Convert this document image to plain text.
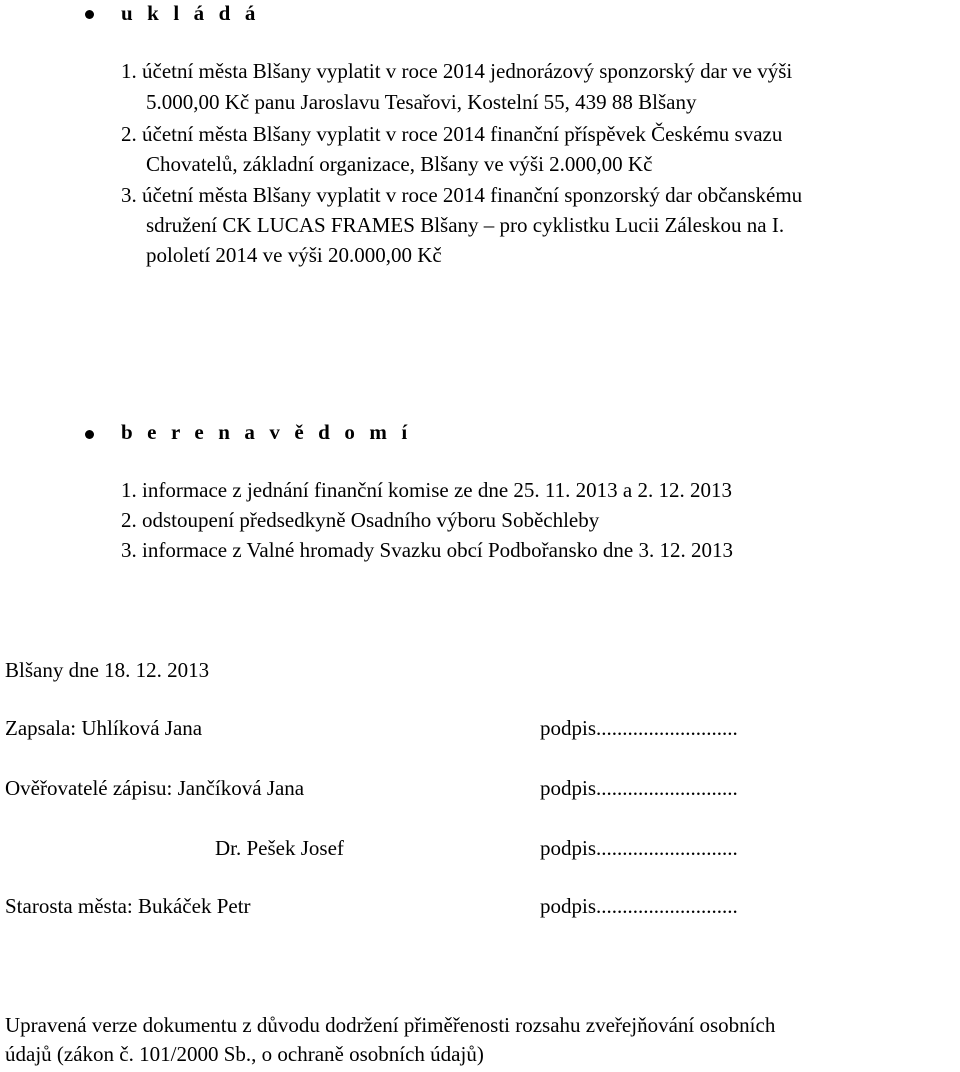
u k l á d á
1. účetní města Blšany vyplatit v roce 2014 jednorázový sponzorský dar ve výši
5.000,00 Kč panu Jaroslavu Tesařovi, Kostelní 55, 439 88 Blšany
2. účetní města Blšany vyplatit v roce 2014 finanční příspěvek Českému svazu
Chovatelů, základní organizace, Blšany ve výši 2.000,00 Kč
3. účetní města Blšany vyplatit v roce 2014 finanční sponzorský dar občanskému
sdružení CK LUCAS FRAMES Blšany – pro cyklistku Lucii Záleskou na I.
pololetí 2014 ve výši 20.000,00 Kč
b e r e n a v ě d o m í
1. informace z jednání finanční komise ze dne 25. 11. 2013 a 2. 12. 2013
2. odstoupení předsedkyně Osadního výboru Soběchleby
3. informace z Valné hromady Svazku obcí Podbořansko dne 3. 12. 2013
Blšany dne 18. 12. 2013
Zapsala: Uhlíková Jana	podpis...........................
Ověřovatelé zápisu: Jančíková Jana	podpis...........................
Dr. Pešek Josef	podpis...........................
Starosta města: Bukáček Petr	podpis...........................
Upravená verze dokumentu z důvodu dodržení přiměřenosti rozsahu zveřejňování osobních
údajů (zákon č. 101/2000 Sb., o ochraně osobních údajů)
